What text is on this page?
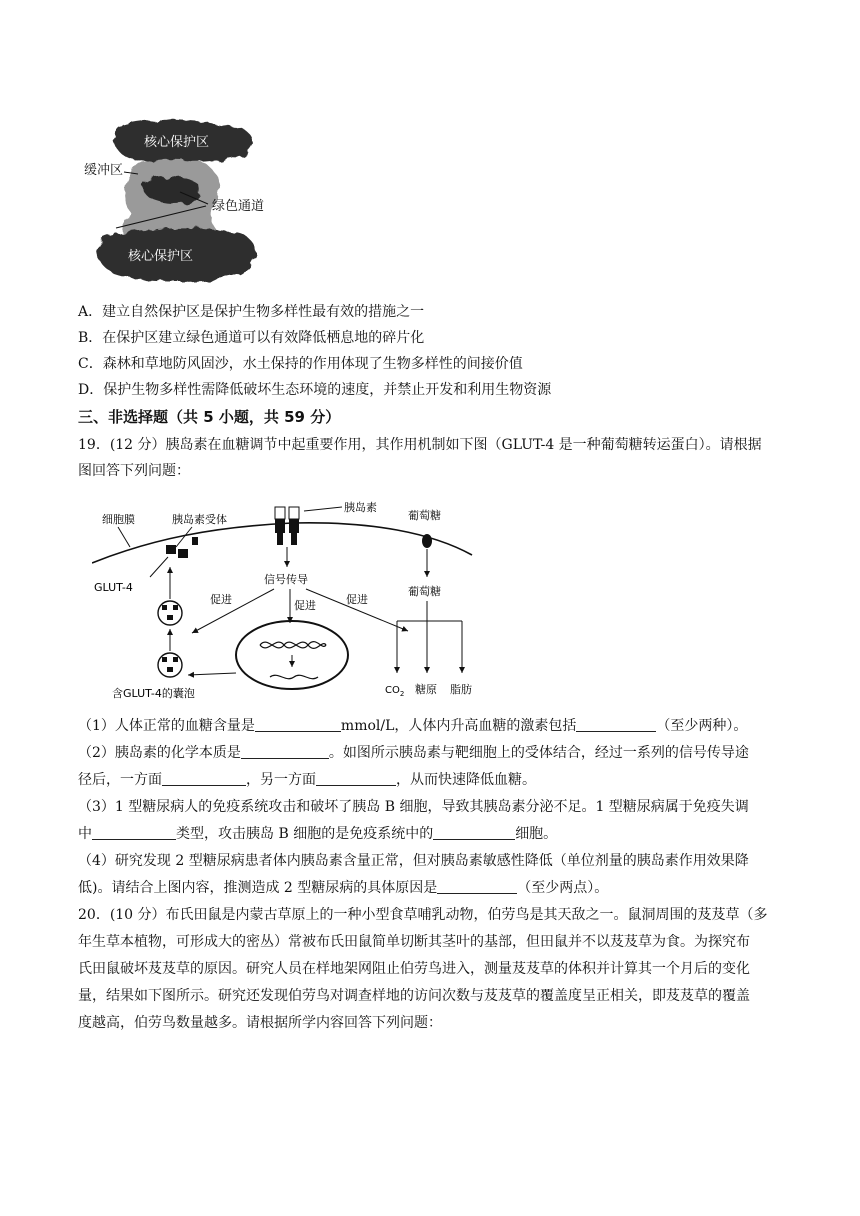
核心保护区
缓冲区
绿色通道
核心保护区
A．建立自然保护区是保护生物多样性最有效的措施之一
B．在保护区建立绿色通道可以有效降低栖息地的碎片化
C．森林和草地防风固沙，水土保持的作用体现了生物多样性的间接价值
D．保护生物多样性需降低破坏生态环境的速度，并禁止开发和利用生物资源
三、非选择题（共 5 小题，共 59 分）
19．(12 分）胰岛素在血糖调节中起重要作用，其作用机制如下图（GLUT-4 是一种葡萄糖转运蛋白）。请根据
图回答下列问题：
细胞膜	胰岛素受体
GLUT-4
胰岛素
葡萄糖
葡萄糖
$CO_2$ 糖原 脂肪
信号传导
促进	促进	促进
含GLUT-4的囊泡
（1）人体正常的血糖含量是	mmol/L，人体内升高血糖的激素包括	（至少两种）。
（2）胰岛素的化学本质是	。如图所示胰岛素与靶细胞上的受体结合，经过一系列的信号传导途
径后，一方面	，另一方面	，从而快速降低血糖。
（3）1 型糖尿病人的免疫系统攻击和破坏了胰岛 B 细胞，导致其胰岛素分泌不足。1 型糖尿病属于免疫失调
中	类型，攻击胰岛 B 细胞的是免疫系统中的	细胞。
（4）研究发现 2 型糖尿病患者体内胰岛素含量正常，但对胰岛素敏感性降低（单位剂量的胰岛素作用效果降
低)。请结合上图内容，推测造成 2 型糖尿病的具体原因是	（至少两点）。
20．(10 分）布氏田鼠是内蒙古草原上的一种小型食草哺乳动物，伯劳鸟是其天敌之一。鼠洞周围的芨芨草（多
年生草本植物，可形成大的密丛）常被布氏田鼠简单切断其茎叶的基部，但田鼠并不以芨芨草为食。为探究布
氏田鼠破坏芨芨草的原因。研究人员在样地架网阻止伯劳鸟进入，测量芨芨草的体积并计算其一个月后的变化
量，结果如下图所示。研究还发现伯劳鸟对调查样地的访问次数与芨芨草的覆盖度呈正相关，即芨芨草的覆盖
度越高，伯劳鸟数量越多。请根据所学内容回答下列问题：
